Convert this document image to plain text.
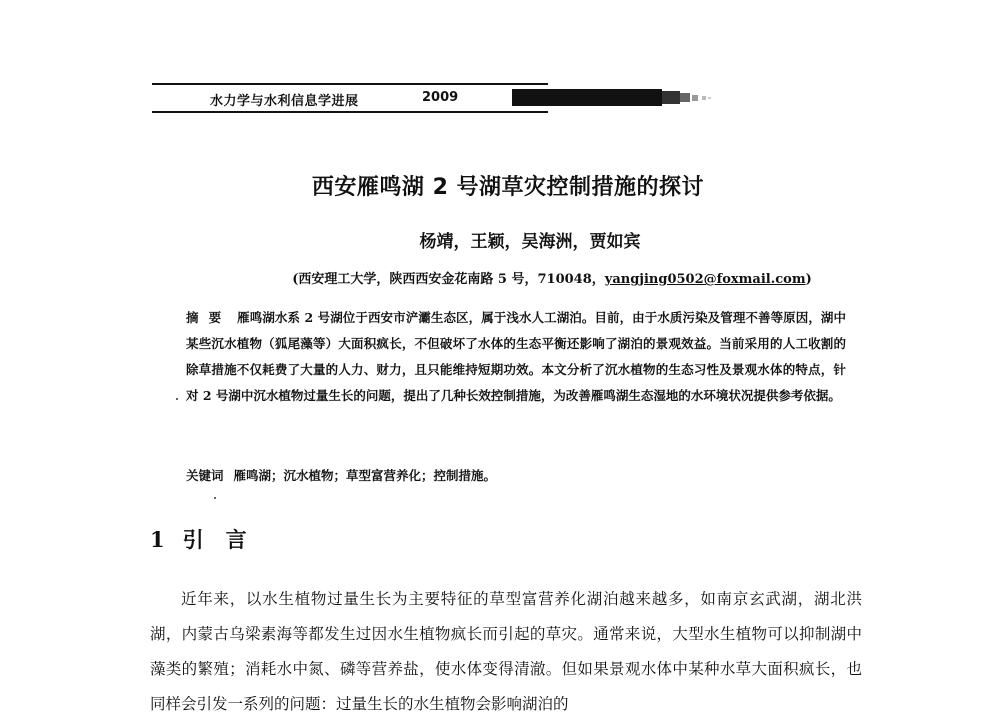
水力学与水利信息学进展	2009
西安雁鸣湖 2 号湖草灾控制措施的探讨
杨靖，王颖，吴海洲，贾如宾
(西安理工大学，陕西西安金花南路 5 号，710048，yangjing0502@foxmail.com)
摘要 雁鸣湖水系 2 号湖位于西安市浐灞生态区，属于浅水人工湖泊。目前，由于水质污染及管理不善等原因，湖中某些沉水植物（狐尾藻等）大面积疯长，不但破坏了水体的生态平衡还影响了湖泊的景观效益。当前采用的人工收割的除草措施不仅耗费了大量的人力、财力，且只能维持短期功效。本文分析了沉水植物的生态习性及景观水体的特点，针对 2 号湖中沉水植物过量生长的问题，提出了几种长效控制措施，为改善雁鸣湖生态湿地的水环境状况提供参考依据。
关键词 雁鸣湖；沉水植物；草型富营养化；控制措施。
1 引言
近年来，以水生植物过量生长为主要特征的草型富营养化湖泊越来越多，如南京玄武湖，湖北洪湖，内蒙古乌梁素海等都发生过因水生植物疯长而引起的草灾。通常来说，大型水生植物可以抑制湖中藻类的繁殖；消耗水中氮、磷等营养盐，使水体变得清澈。但如果景观水体中某种水草大面积疯长，也同样会引发一系列的问题：过量生长的水生植物会影响湖泊的
